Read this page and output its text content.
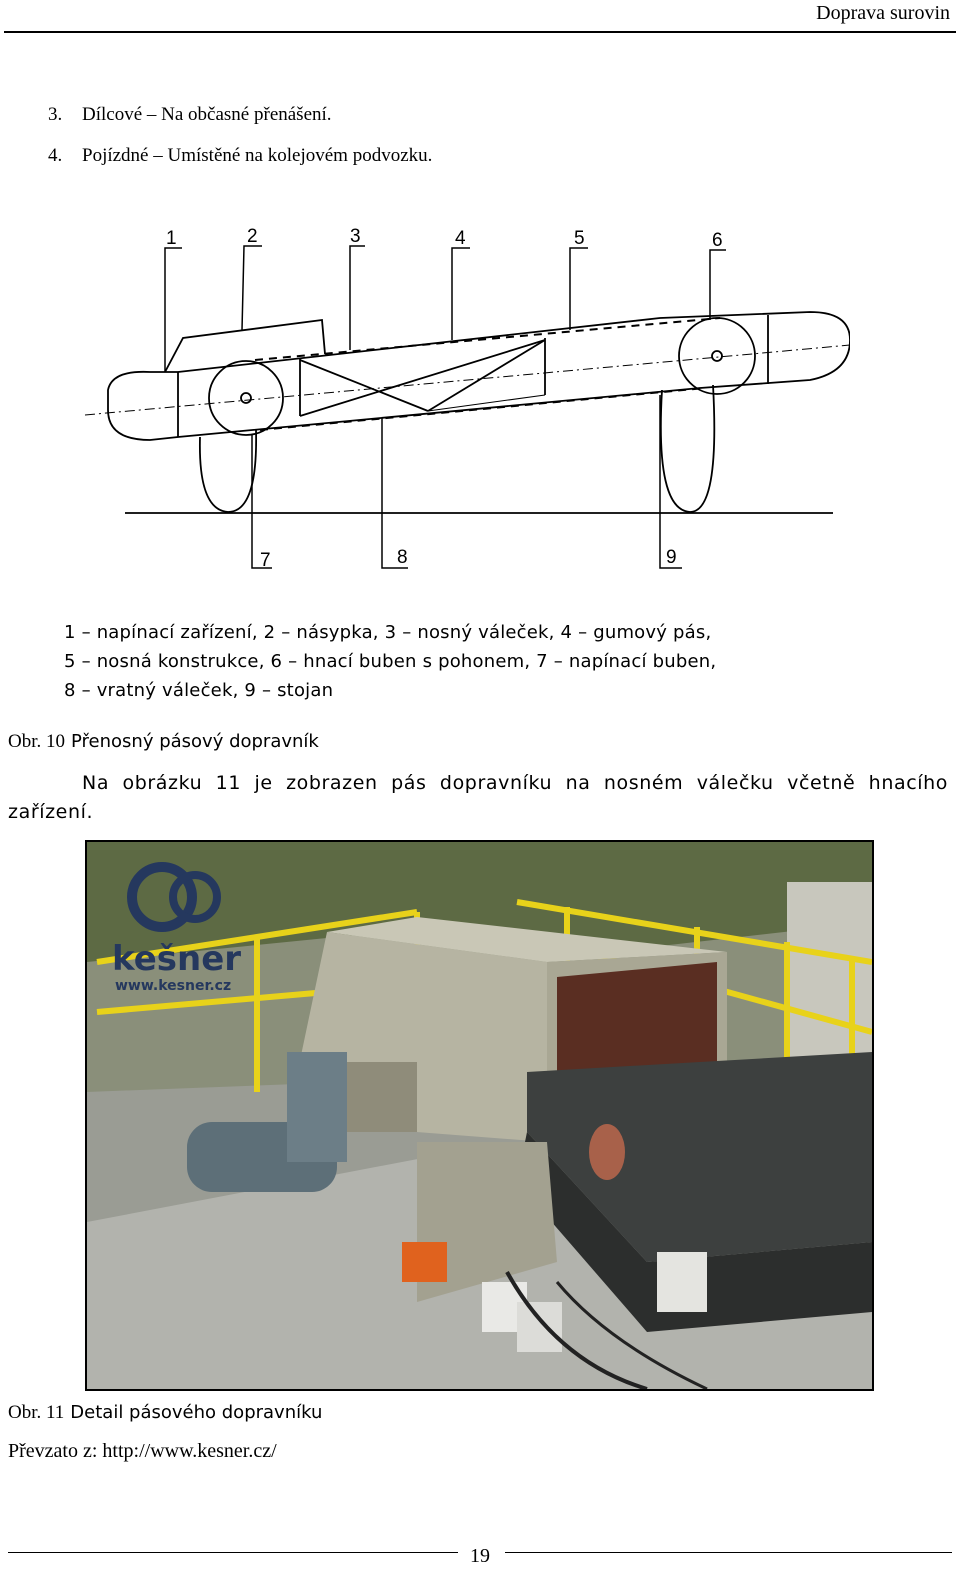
Doprava surovin
3. Dílcové – Na občasné přenášení.
4. Pojízdné – Umístěné na kolejovém podvozku.
1	2	3	4	5	6
7	8	9
1 – napínací zařízení, 2 – násypka, 3 – nosný váleček, 4 – gumový pás,
5 – nosná konstrukce, 6 – hnací buben s pohonem, 7 – napínací buben,
8 – vratný váleček, 9 – stojan
Obr. 10 Přenosný pásový dopravník
Na obrázku 11 je zobrazen pás dopravníku na nosném válečku včetně hnacího zařízení.
kešner
www.kesner.cz
Obr. 11 Detail pásového dopravníku
Převzato z: http://www.kesner.cz/
19
